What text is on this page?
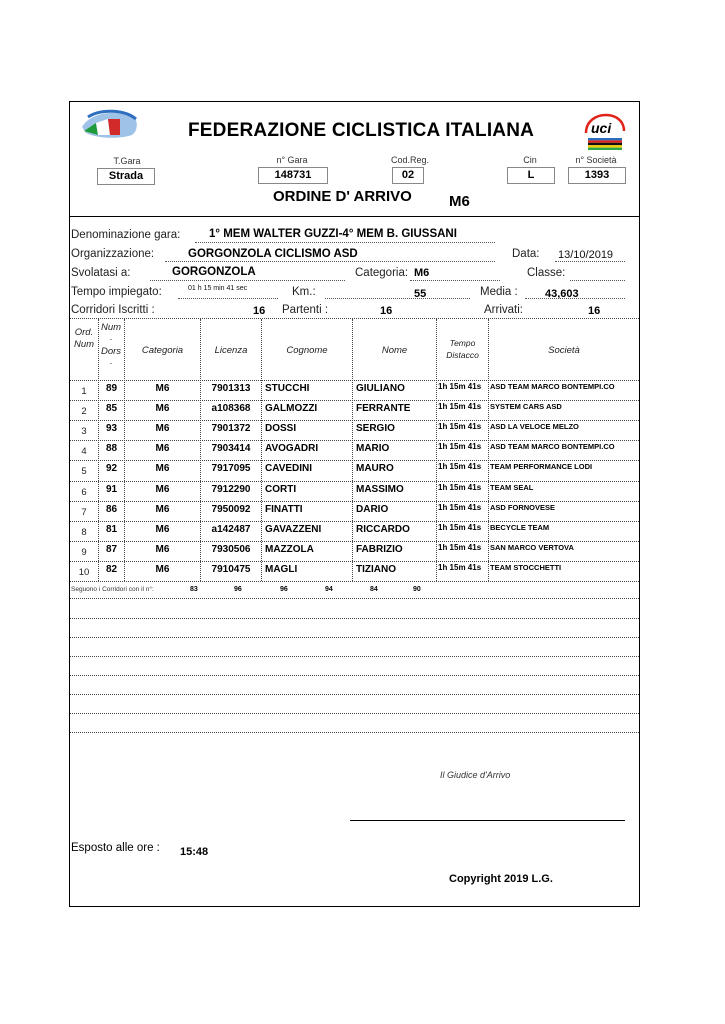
uci
FEDERAZIONE CICLISTICA ITALIANA
T.Gara
Strada
n° Gara
148731
Cod.Reg.
02
Cin
L
n° Società
1393
ORDINE D' ARRIVO M6
Denominazione gara: 1° MEM WALTER GUZZI-4° MEM B. GIUSSANI
Organizzazione:	GORGONZOLA CICLISMO ASD	Data: 13/10/2019
Svolatasi a:	GORGONZOLA	Categoria: M6	Classe:
Tempo impiegato:	01 h 15 min 41 sec	Km.:	55	Media : 43,603
Corridori Iscritti :	16 Partenti :	16	Arrivati:	16
Ord.
Num
Num
·
Dors
·
Categoria	Licenza	Cognome	Nome
Tempo
Distacco	Società
1	89	M6	7901313	STUCCHI	GIULIANO	1h 15m 41s	ASD TEAM MARCO BONTEMPI.CO
2	85	M6	a108368	GALMOZZI	FERRANTE	1h 15m 41s	SYSTEM CARS ASD
3	93	M6	7901372	DOSSI	SERGIO	1h 15m 41s	ASD LA VELOCE MELZO
4	88	M6	7903414	AVOGADRI	MARIO	1h 15m 41s	ASD TEAM MARCO BONTEMPI.CO
5	92	M6	7917095	CAVEDINI	MAURO	1h 15m 41s	TEAM PERFORMANCE LODI
6	91	M6	7912290	CORTI	MASSIMO	1h 15m 41s	TEAM SEAL
7	86	M6	7950092	FINATTI	DARIO	1h 15m 41s	ASD FORNOVESE
8	81	M6	a142487	GAVAZZENI	RICCARDO	1h 15m 41s	BECYCLE TEAM
9	87	M6	7930506	MAZZOLA	FABRIZIO	1h 15m 41s	SAN MARCO VERTOVA
10	82	M6	7910475	MAGLI	TIZIANO	1h 15m 41s	TEAM STOCCHETTI
Seguono i Corridori con il n°:	83	96	96	94	84	90
Il Giudice d'Arrivo
Esposto alle ore : 15:48
Copyright 2019 L.G.
